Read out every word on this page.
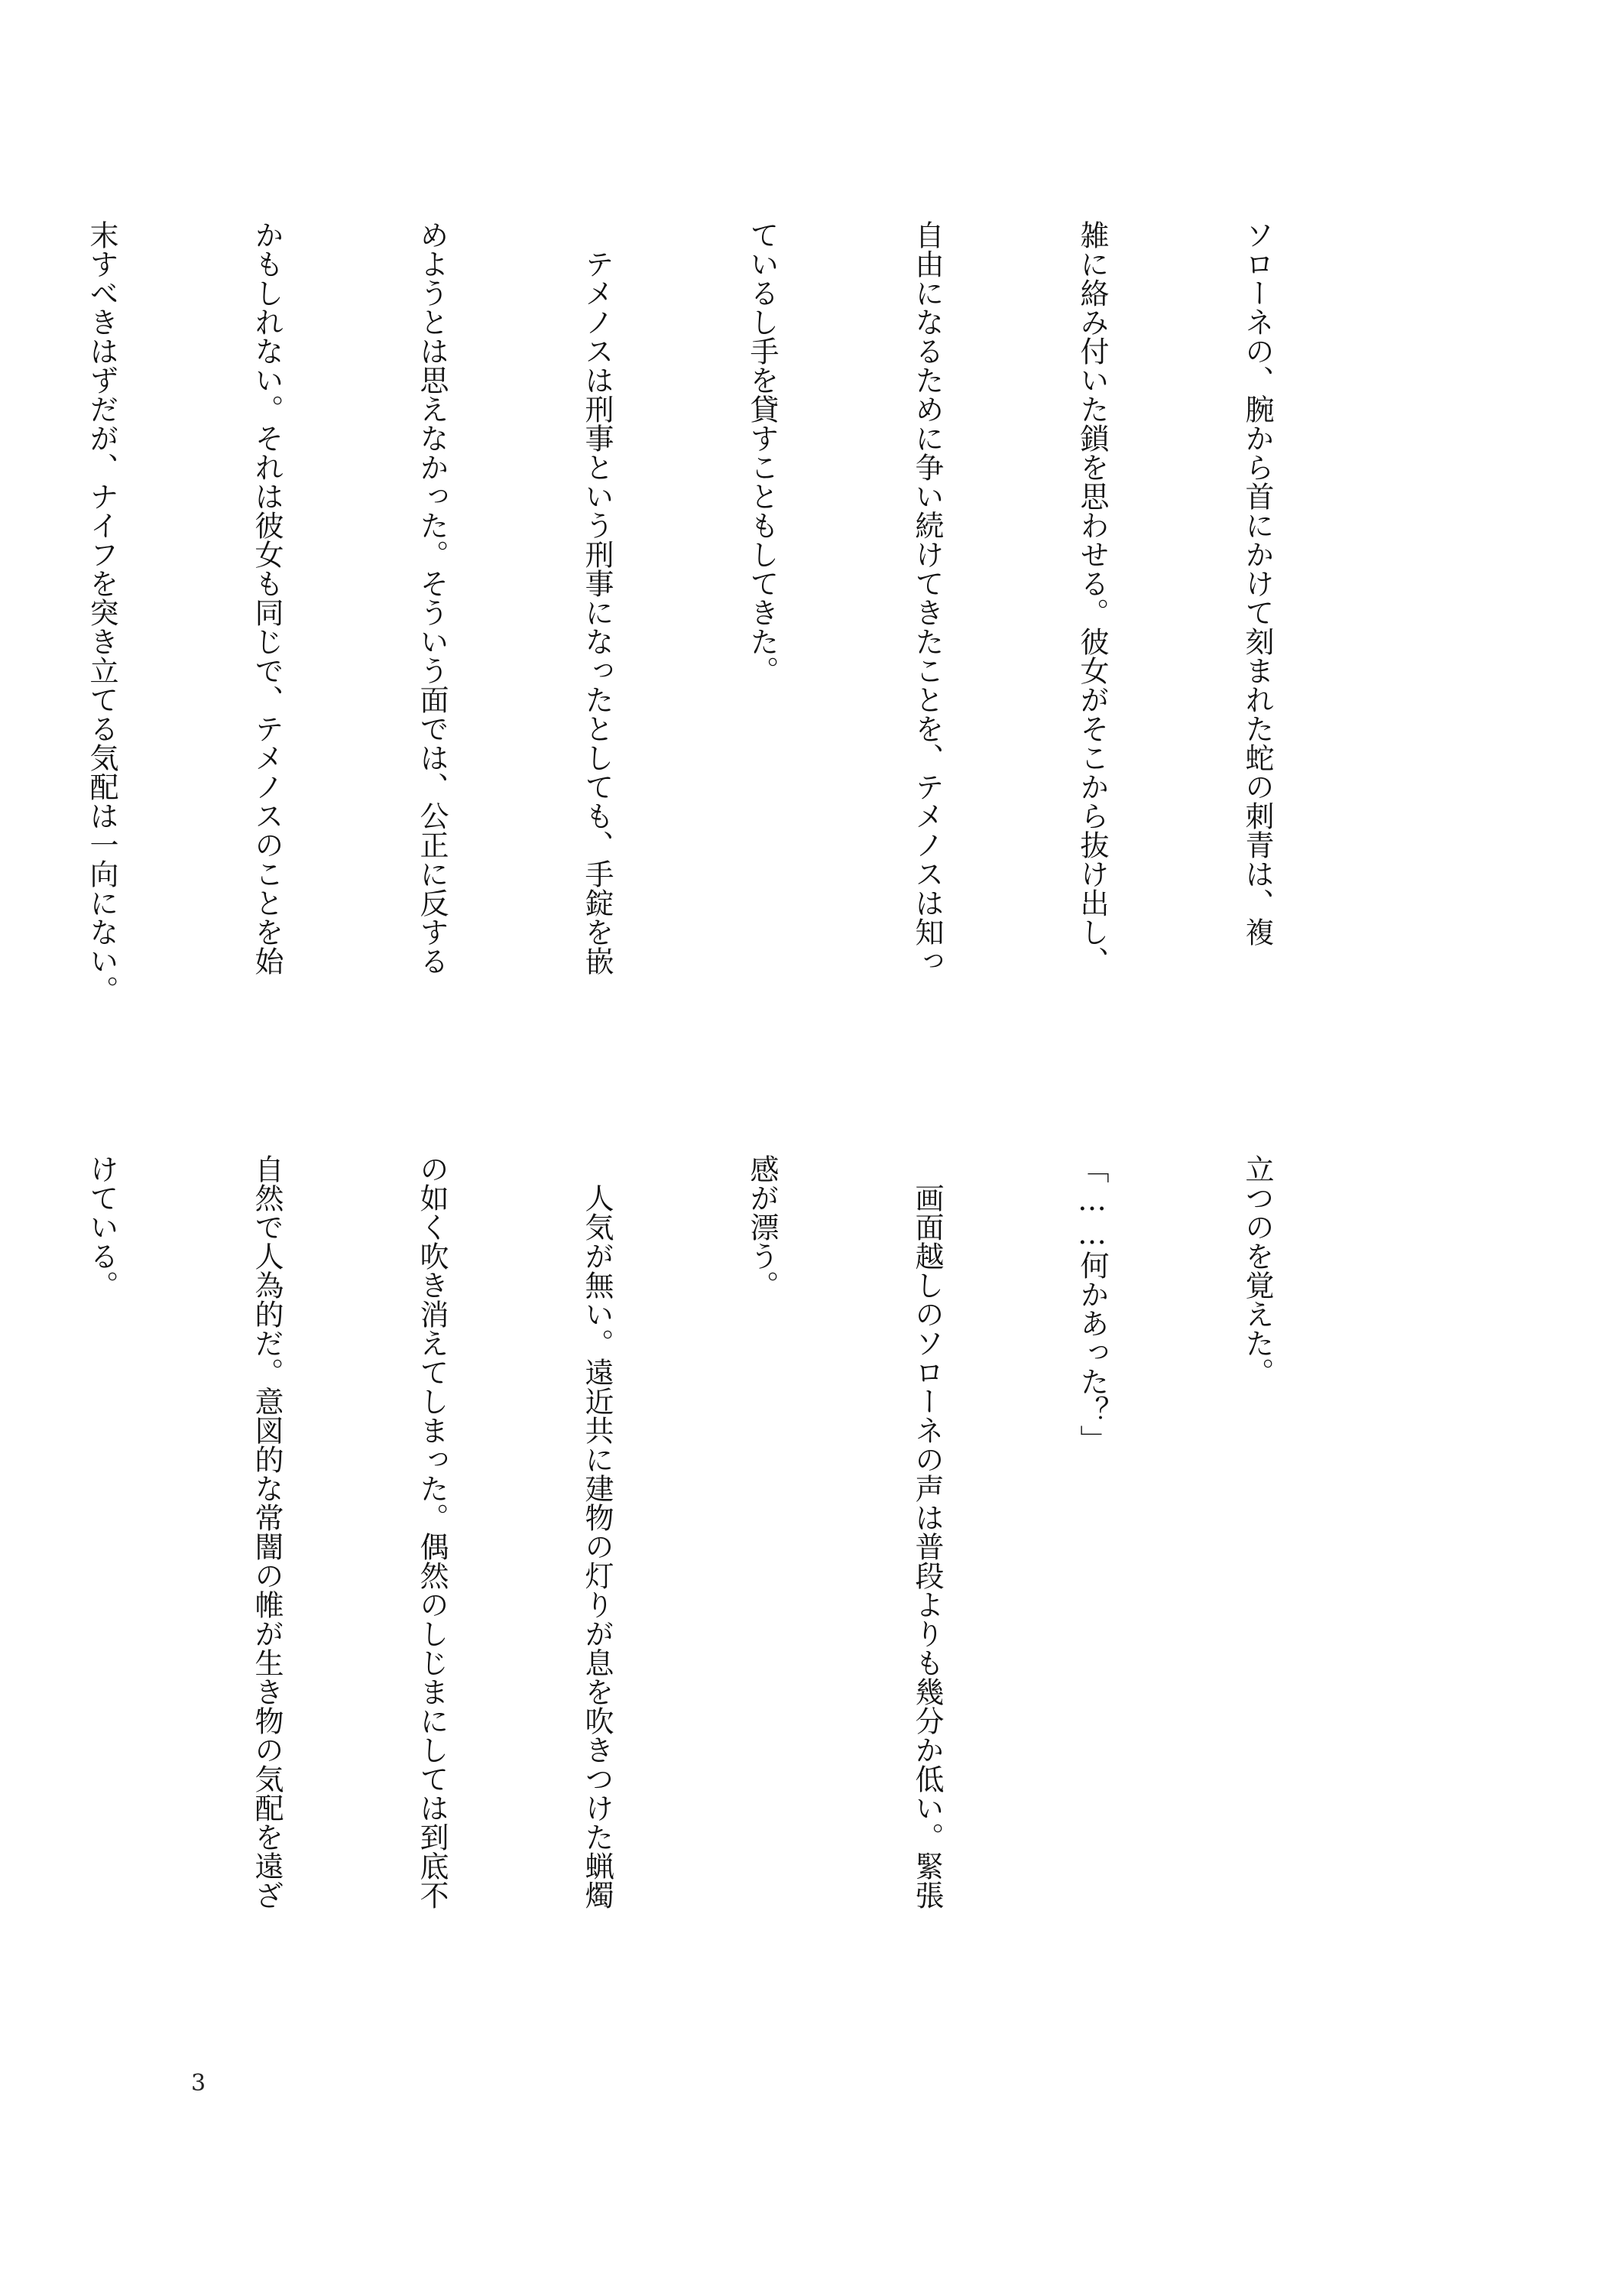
ソローネの、腕から首にかけて刻まれた蛇の刺青は、複

雑に絡み付いた鎖を思わせる。彼女がそこから抜け出し、

自由になるために争い続けてきたことを、テメノスは知っ

ているし手を貸すこともしてきた。

　テメノスは刑事という刑事になったとしても、手錠を嵌

めようとは思えなかった。そういう面では、公正に反する

かもしれない。それは彼女も同じで、テメノスのことを始

末すべきはずだが、ナイフを突き立てる気配は一向にない。

立つのを覚えた。

「……何かあった？」

　画面越しのソローネの声は普段よりも幾分か低い。緊張

感が漂う。

　人気が無い。遠近共に建物の灯りが息を吹きつけた蝋燭

の如く吹き消えてしまった。偶然のしじまにしては到底不

自然で人為的だ。意図的な常闇の帷が生き物の気配を遠ざ

けている。

3
